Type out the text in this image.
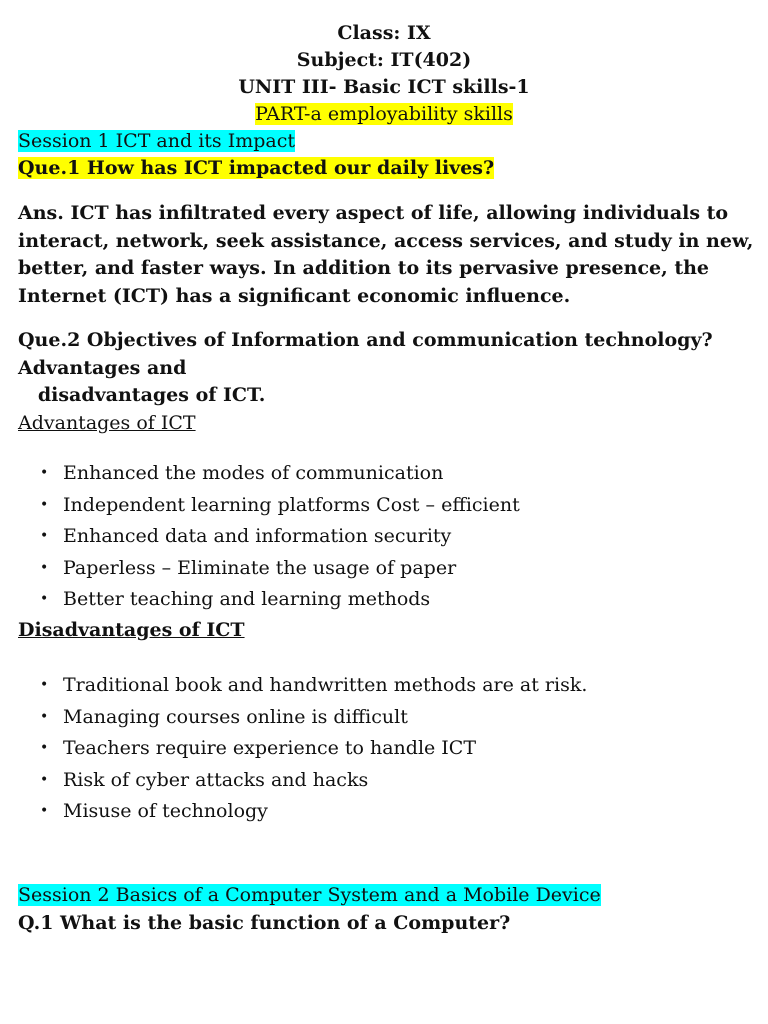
Class: IX
Subject: IT(402)
UNIT III- Basic ICT skills-1
PART-a employability skills
Session 1 ICT and its Impact
Que.1 How has ICT impacted our daily lives?
Ans. ICT has infiltrated every aspect of life, allowing individuals to
interact, network, seek assistance, access services, and study in new,
better, and faster ways. In addition to its pervasive presence, the
Internet (ICT) has a significant economic influence.
Que.2 Objectives of Information and communication technology?
Advantages and
disadvantages of ICT.
Advantages of ICT
• Enhanced the modes of communication
• Independent learning platforms Cost – efficient
• Enhanced data and information security
• Paperless – Eliminate the usage of paper
• Better teaching and learning methods
Disadvantages of ICT
• Traditional book and handwritten methods are at risk.
• Managing courses online is difficult
• Teachers require experience to handle ICT
• Risk of cyber attacks and hacks
• Misuse of technology
Session 2 Basics of a Computer System and a Mobile Device
Q.1 What is the basic function of a Computer?
